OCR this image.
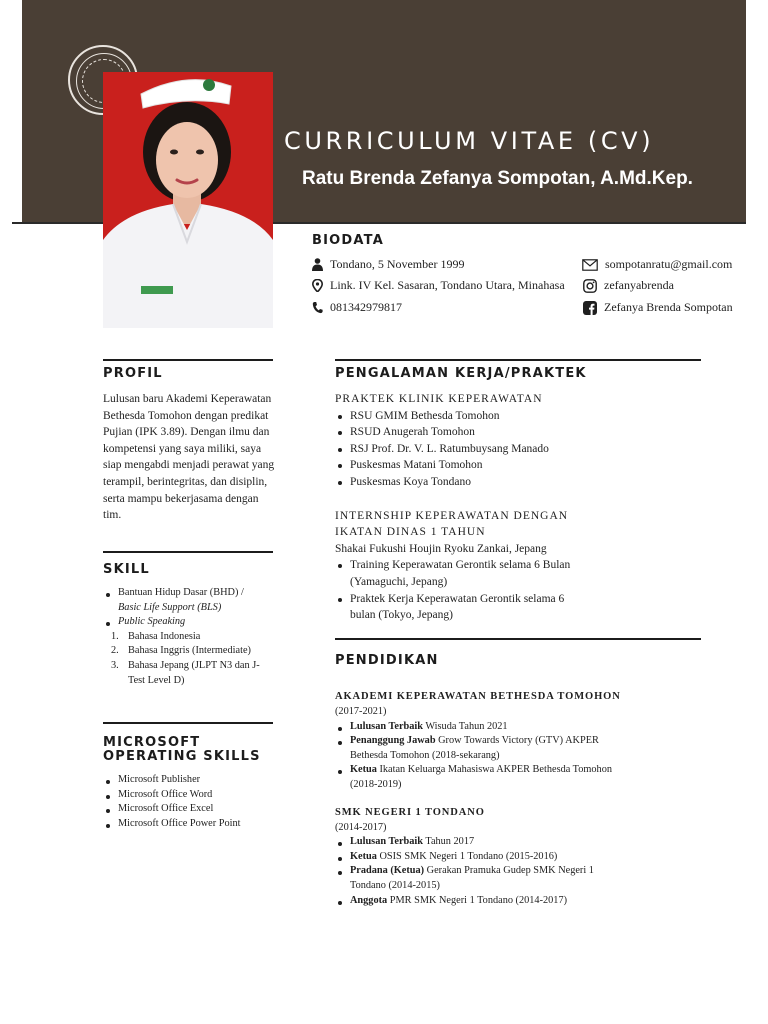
CURRICULUM VITAE (CV)
Ratu Brenda Zefanya Sompotan, A.Md.Kep.
BIODATA
Tondano, 5 November 1999
Link. IV Kel. Sasaran, Tondano Utara, Minahasa
081342979817
sompotanratu@gmail.com
zefanyabrenda
Zefanya Brenda Sompotan
PROFIL
Lulusan baru Akademi Keperawatan Bethesda Tomohon dengan predikat Pujian (IPK 3.89). Dengan ilmu dan kompetensi yang saya miliki, saya siap mengabdi menjadi perawat yang terampil, berintegritas, dan disiplin, serta mampu bekerjasama dengan tim.
SKILL
Bantuan Hidup Dasar (BHD) /
Basic Life Support (BLS)
Public Speaking
1. Bahasa Indonesia
2. Bahasa Inggris (Intermediate)
3. Bahasa Jepang (JLPT N3 dan J-Test Level D)
MICROSOFT
OPERATING SKILLS
Microsoft Publisher
Microsoft Office Word
Microsoft Office Excel
Microsoft Office Power Point
PENGALAMAN KERJA/PRAKTEK
PRAKTEK KLINIK KEPERAWATAN
RSU GMIM Bethesda Tomohon
RSUD Anugerah Tomohon
RSJ Prof. Dr. V. L. Ratumbuysang Manado
Puskesmas Matani Tomohon
Puskesmas Koya Tondano
INTERNSHIP KEPERAWATAN DENGAN
IKATAN DINAS 1 TAHUN
Shakai Fukushi Houjin Ryoku Zankai, Jepang
Training Keperawatan Gerontik selama 6 Bulan (Yamaguchi, Jepang)
Praktek Kerja Keperawatan Gerontik selama 6 bulan (Tokyo, Jepang)
PENDIDIKAN
AKADEMI KEPERAWATAN BETHESDA TOMOHON
(2017-2021)
Lulusan Terbaik Wisuda Tahun 2021
Penanggung Jawab Grow Towards Victory (GTV) AKPER Bethesda Tomohon (2018-sekarang)
Ketua Ikatan Keluarga Mahasiswa AKPER Bethesda Tomohon (2018-2019)
SMK NEGERI 1 TONDANO
(2014-2017)
Lulusan Terbaik Tahun 2017
Ketua OSIS SMK Negeri 1 Tondano (2015-2016)
Pradana (Ketua) Gerakan Pramuka Gudep SMK Negeri 1 Tondano (2014-2015)
Anggota PMR SMK Negeri 1 Tondano (2014-2017)
